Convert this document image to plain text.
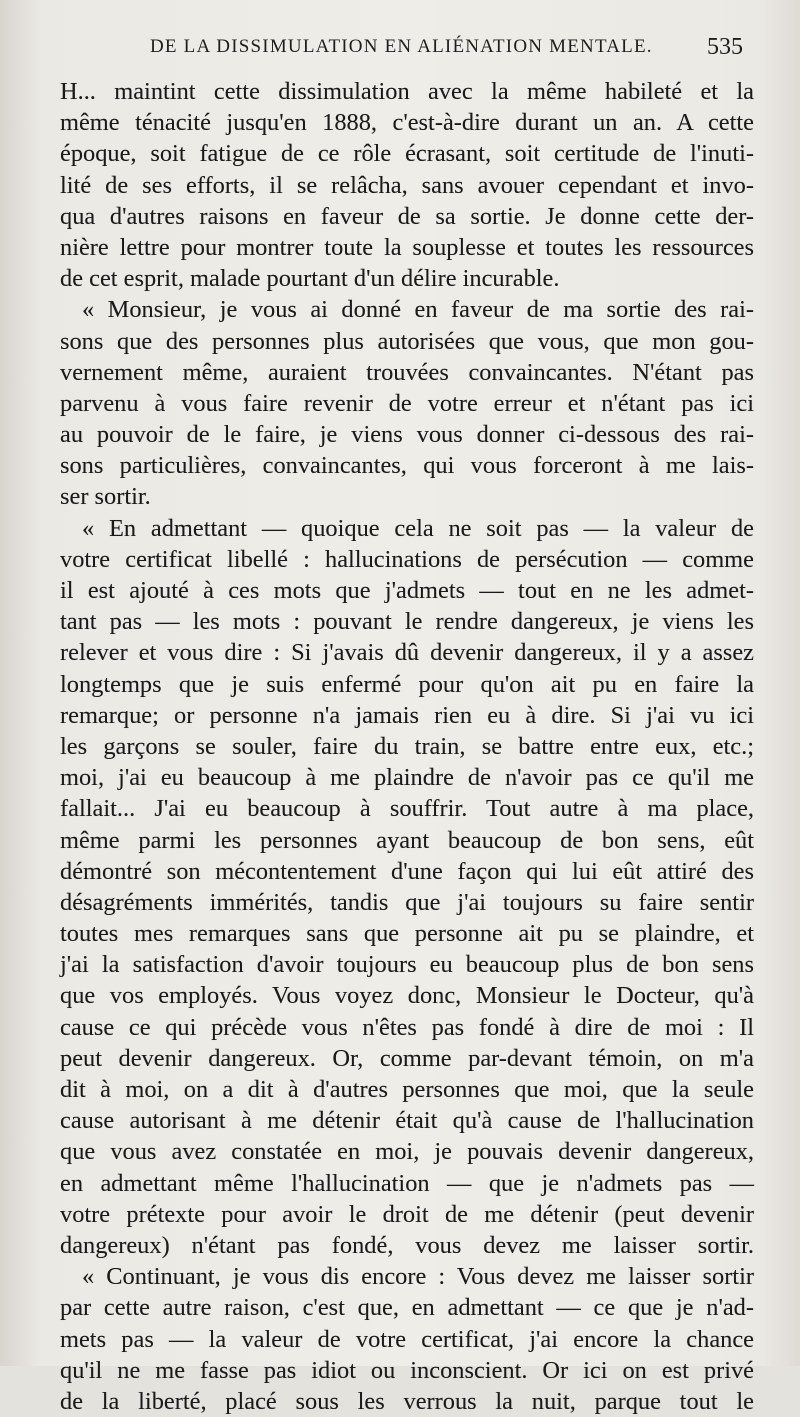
DE LA DISSIMULATION EN ALIÉNATION MENTALE.	535
H... maintint cette dissimulation avec la même habileté et la
même ténacité jusqu'en 1888, c'est-à-dire durant un an. A cette
époque, soit fatigue de ce rôle écrasant, soit certitude de l'inuti-
lité de ses efforts, il se relâcha, sans avouer cependant et invo-
qua d'autres raisons en faveur de sa sortie. Je donne cette der-
nière lettre pour montrer toute la souplesse et toutes les ressources
de cet esprit, malade pourtant d'un délire incurable.
« Monsieur, je vous ai donné en faveur de ma sortie des rai-
sons que des personnes plus autorisées que vous, que mon gou-
vernement même, auraient trouvées convaincantes. N'étant pas
parvenu à vous faire revenir de votre erreur et n'étant pas ici
au pouvoir de le faire, je viens vous donner ci-dessous des rai-
sons particulières, convaincantes, qui vous forceront à me lais-
ser sortir.
« En admettant — quoique cela ne soit pas — la valeur de
votre certificat libellé : hallucinations de persécution — comme
il est ajouté à ces mots que j'admets — tout en ne les admet-
tant pas — les mots : pouvant le rendre dangereux, je viens les
relever et vous dire : Si j'avais dû devenir dangereux, il y a assez
longtemps que je suis enfermé pour qu'on ait pu en faire la
remarque; or personne n'a jamais rien eu à dire. Si j'ai vu ici
les garçons se souler, faire du train, se battre entre eux, etc.;
moi, j'ai eu beaucoup à me plaindre de n'avoir pas ce qu'il me
fallait... J'ai eu beaucoup à souffrir. Tout autre à ma place,
même parmi les personnes ayant beaucoup de bon sens, eût
démontré son mécontentement d'une façon qui lui eût attiré des
désagréments immérités, tandis que j'ai toujours su faire sentir
toutes mes remarques sans que personne ait pu se plaindre, et
j'ai la satisfaction d'avoir toujours eu beaucoup plus de bon sens
que vos employés. Vous voyez donc, Monsieur le Docteur, qu'à
cause ce qui précède vous n'êtes pas fondé à dire de moi : Il
peut devenir dangereux. Or, comme par-devant témoin, on m'a
dit à moi, on a dit à d'autres personnes que moi, que la seule
cause autorisant à me détenir était qu'à cause de l'hallucination
que vous avez constatée en moi, je pouvais devenir dangereux,
en admettant même l'hallucination — que je n'admets pas —
votre prétexte pour avoir le droit de me détenir (peut devenir
dangereux) n'étant pas fondé, vous devez me laisser sortir.
« Continuant, je vous dis encore : Vous devez me laisser sortir
par cette autre raison, c'est que, en admettant — ce que je n'ad-
mets pas — la valeur de votre certificat, j'ai encore la chance
qu'il ne me fasse pas idiot ou inconscient. Or ici on est privé
de la liberté, placé sous les verrous la nuit, parque tout le
